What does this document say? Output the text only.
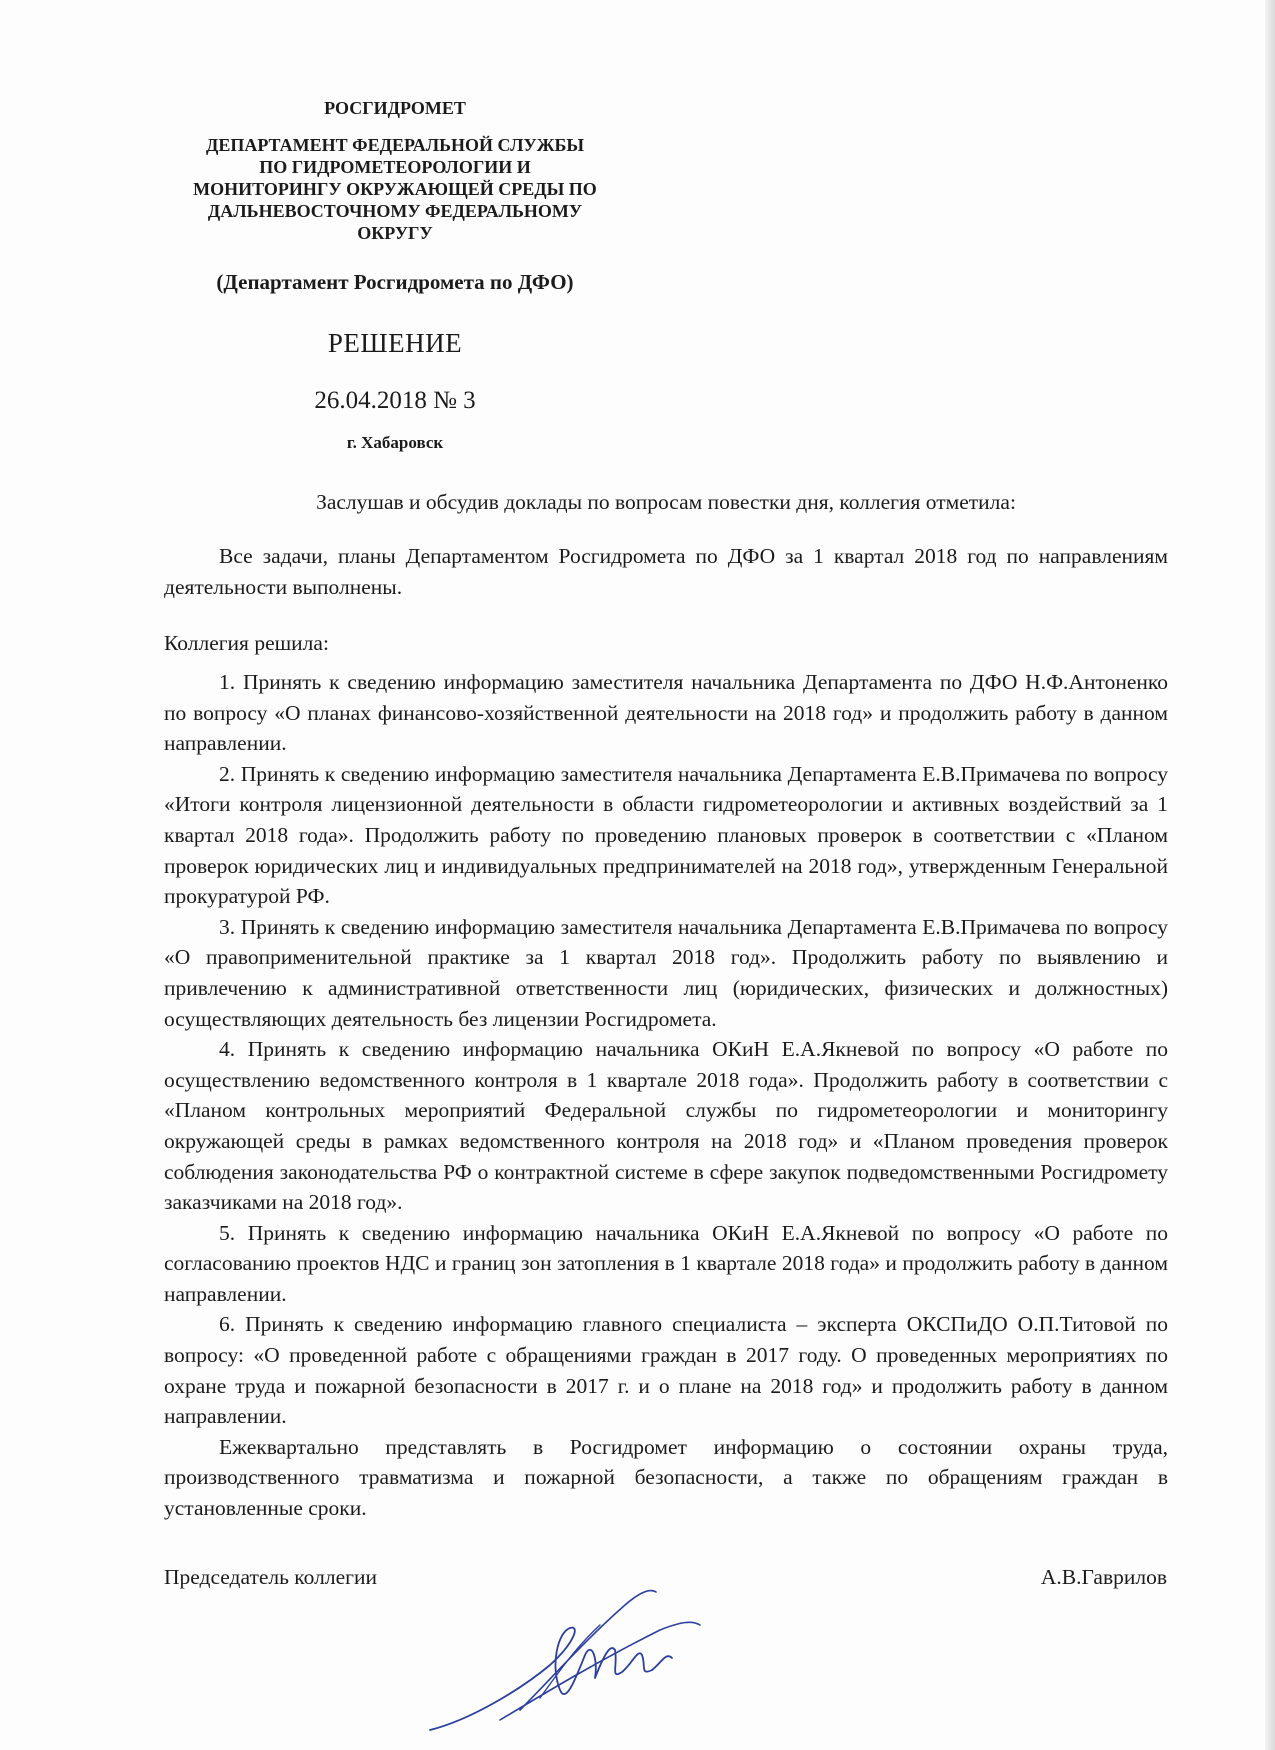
РОСГИДРОМЕТ
ДЕПАРТАМЕНТ ФЕДЕРАЛЬНОЙ СЛУЖБЫ
ПО ГИДРОМЕТЕОРОЛОГИИ И
МОНИТОРИНГУ ОКРУЖАЮЩЕЙ СРЕДЫ ПО
ДАЛЬНЕВОСТОЧНОМУ ФЕДЕРАЛЬНОМУ
ОКРУГУ
(Департамент Росгидромета по ДФО)
РЕШЕНИЕ
26.04.2018 № 3
г. Хабаровск
Заслушав и обсудив доклады по вопросам повестки дня, коллегия отметила:
Все задачи, планы Департаментом Росгидромета по ДФО за 1 квартал 2018 год по направлениям деятельности выполнены.
Коллегия решила:

1. Принять к сведению информацию заместителя начальника Департамента по ДФО Н.Ф.Антоненко по вопросу «О планах финансово-хозяйственной деятельности на 2018 год» и продолжить работу в данном направлении.

2. Принять к сведению информацию заместителя начальника Департамента Е.В.Примачева по вопросу «Итоги контроля лицензионной деятельности в области гидрометеорологии и активных воздействий за 1 квартал 2018 года». Продолжить работу по проведению плановых проверок в соответствии с «Планом проверок юридических лиц и индивидуальных предпринимателей на 2018 год», утвержденным Генеральной прокуратурой РФ.

3. Принять к сведению информацию заместителя начальника Департамента Е.В.Примачева по вопросу «О правоприменительной практике за 1 квартал 2018 год». Продолжить работу по выявлению и привлечению к административной ответственности лиц (юридических, физических и должностных) осуществляющих деятельность без лицензии Росгидромета.

4. Принять к сведению информацию начальника ОКиН Е.А.Якневой по вопросу «О работе по осуществлению ведомственного контроля в 1 квартале 2018 года». Продолжить работу в соответствии с «Планом контрольных мероприятий Федеральной службы по гидрометеорологии и мониторингу окружающей среды в рамках ведомственного контроля на 2018 год» и «Планом проведения проверок соблюдения законодательства РФ о контрактной системе в сфере закупок подведомственными Росгидромету заказчиками на 2018 год».

5. Принять к сведению информацию начальника ОКиН Е.А.Якневой по вопросу «О работе по согласованию проектов НДС и границ зон затопления в 1 квартале 2018 года» и продолжить работу в данном направлении.

6. Принять к сведению информацию главного специалиста – эксперта ОКСПиДО О.П.Титовой по вопросу: «О проведенной работе с обращениями граждан в 2017 году. О проведенных мероприятиях по охране труда и пожарной безопасности в 2017 г. и о плане на 2018 год» и продолжить работу в данном направлении.

Ежеквартально представлять в Росгидромет информацию о состоянии охраны труда, производственного травматизма и пожарной безопасности, а также по обращениям граждан в установленные сроки.

Председатель коллегии	А.В.Гаврилов
